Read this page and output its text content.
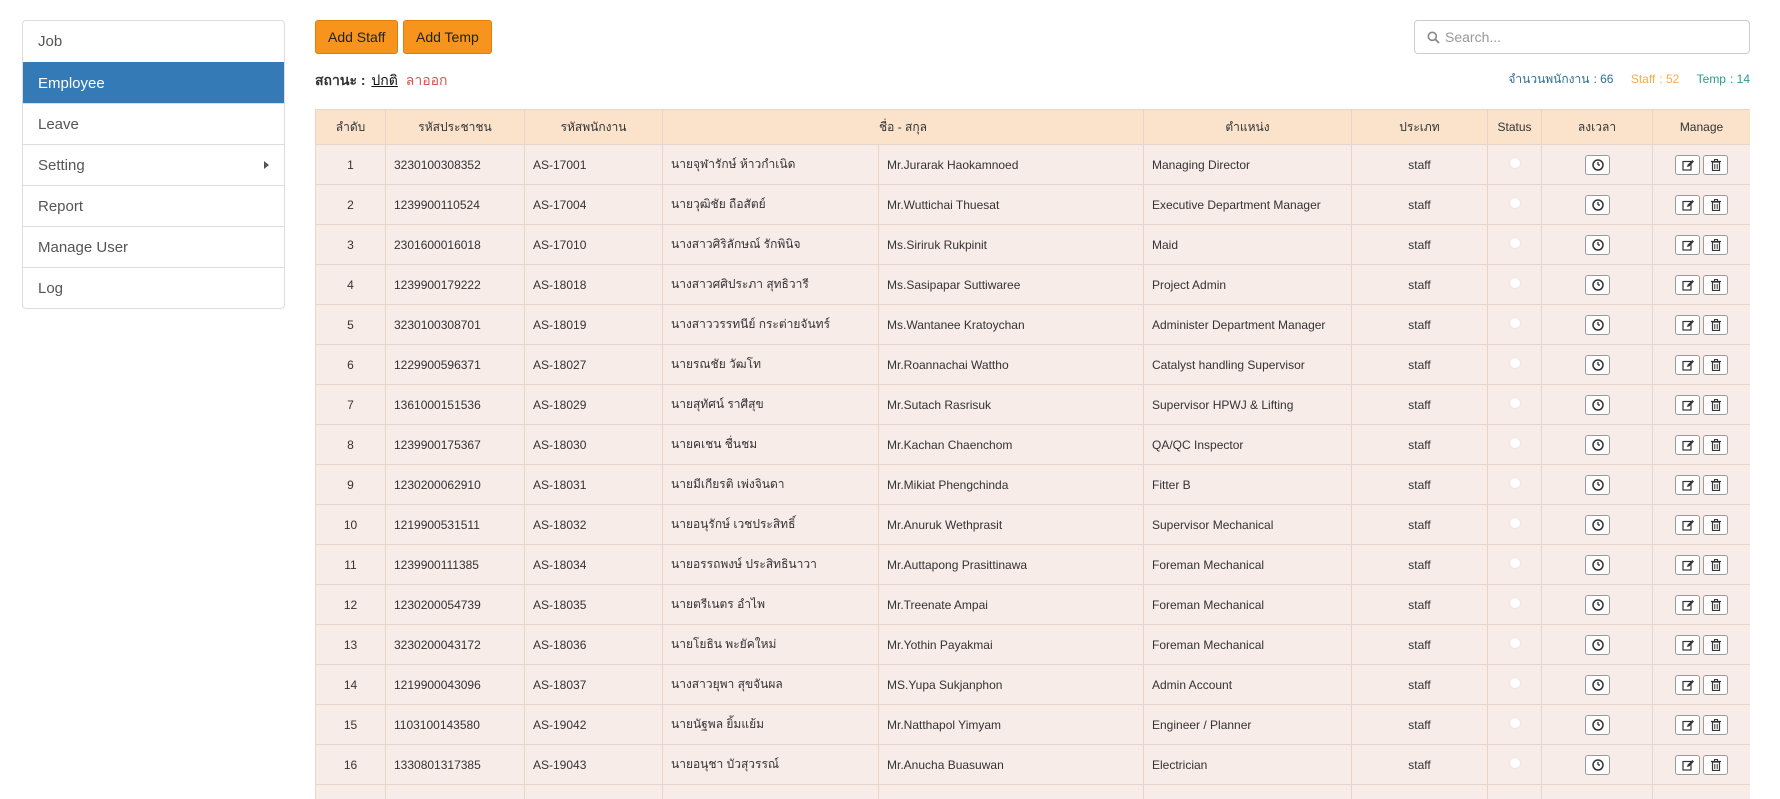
Job
Employee
Leave
Setting
Report
Manage User
Log
Add Staff	Add Temp
Search...
สถานะ : ปกติ ลาออก	จำนวนพนักงาน : 66 Staff : 52 Temp : 14
ลำดับ	รหัสประชาชน	รหัสพนักงาน	ชื่อ - สกุล		ตำแหน่ง	ประเภท	Status	ลงเวลา	Manage
1	3230100308352	AS-17001	นายจุฬารักษ์ ห้าวกำเนิด	Mr.Jurarak Haokamnoed	Managing Director	staff		

2	1239900110524	AS-17004	นายวุฒิชัย ถือสัตย์	Mr.Wuttichai Thuesat	Executive Department Manager	staff		

3	2301600016018	AS-17010	นางสาวศิริลักษณ์ รักพินิจ	Ms.Siriruk Rukpinit	Maid	staff		

4	1239900179222	AS-18018	นางสาวศศิประภา สุทธิวารี	Ms.Sasipapar Suttiwaree	Project Admin	staff		

5	3230100308701	AS-18019	นางสาววรรทนีย์ กระต่ายจันทร์	Ms.Wantanee Kratoychan	Administer Department Manager	staff		

6	1229900596371	AS-18027	นายรณชัย วัฒโท	Mr.Roannachai Wattho	Catalyst handling Supervisor	staff		

7	1361000151536	AS-18029	นายสุทัศน์ ราศีสุข	Mr.Sutach Rasrisuk	Supervisor HPWJ & Lifting	staff		

8	1239900175367	AS-18030	นายคเชน ชื่นชม	Mr.Kachan Chaenchom	QA/QC Inspector	staff		

9	1230200062910	AS-18031	นายมีเกียรติ เพ่งจินดา	Mr.Mikiat Phengchinda	Fitter B	staff		

10	1219900531511	AS-18032	นายอนุรักษ์ เวชประสิทธิ์	Mr.Anuruk Wethprasit	Supervisor Mechanical	staff		

11	1239900111385	AS-18034	นายอรรถพงษ์ ประสิทธินาวา	Mr.Auttapong Prasittinawa	Foreman Mechanical	staff		

12	1230200054739	AS-18035	นายตรีเนตร อำไพ	Mr.Treenate Ampai	Foreman Mechanical	staff		

13	3230200043172	AS-18036	นายโยธิน พะยัคใหม่	Mr.Yothin Payakmai	Foreman Mechanical	staff		

14	1219900043096	AS-18037	นางสาวยุพา สุขจันผล	MS.Yupa Sukjanphon	Admin Account	staff		

15	1103100143580	AS-19042	นายนัฐพล ยิ้มแย้ม	Mr.Natthapol Yimyam	Engineer / Planner	staff		

16	1330801317385	AS-19043	นายอนุชา บัวสุวรรณ์	Mr.Anucha Buasuwan	Electrician	staff		
